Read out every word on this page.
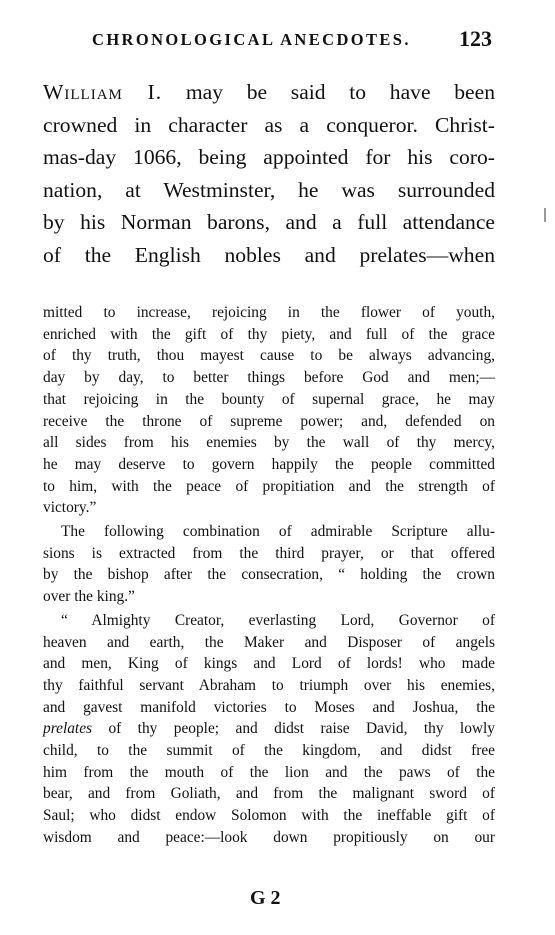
CHRONOLOGICAL ANECDOTES. 123
William I. may be said to have been
crowned in character as a conqueror. Christ-
mas-day 1066, being appointed for his coro-
nation, at Westminster, he was surrounded
by his Norman barons, and a full attendance
of the English nobles and prelates—when
mitted to increase, rejoicing in the flower of youth,
enriched with the gift of thy piety, and full of the grace
of thy truth, thou mayest cause to be always advancing,
day by day, to better things before God and men;—
that rejoicing in the bounty of supernal grace, he may
receive the throne of supreme power; and, defended on
all sides from his enemies by the wall of thy mercy,
he may deserve to govern happily the people committed
to him, with the peace of propitiation and the strength of
victory.”
The following combination of admirable Scripture allu-
sions is extracted from the third prayer, or that offered
by the bishop after the consecration, “ holding the crown
over the king.”
“ Almighty Creator, everlasting Lord, Governor of
heaven and earth, the Maker and Disposer of angels
and men, King of kings and Lord of lords! who made
thy faithful servant Abraham to triumph over his enemies,
and gavest manifold victories to Moses and Joshua, the
prelates of thy people; and didst raise David, thy lowly
child, to the summit of the kingdom, and didst free
him from the mouth of the lion and the paws of the
bear, and from Goliath, and from the malignant sword of
Saul; who didst endow Solomon with the ineffable gift of
wisdom and peace:—look down propitiously on our
G 2
